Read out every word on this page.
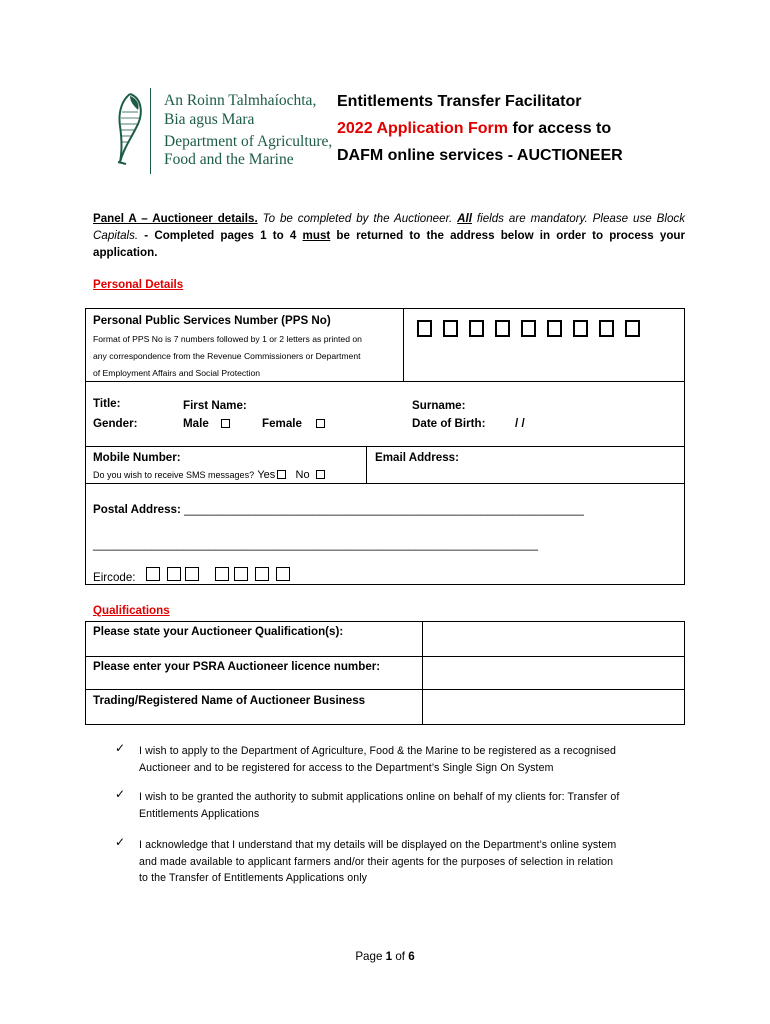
An Roinn Talmhaíochta,
Bia agus Mara
Department of Agriculture,
Food and the Marine
Entitlements Transfer Facilitator
2022 Application Form for access to
DAFM online services - AUCTIONEER
Panel A – Auctioneer details. To be completed by the Auctioneer. All fields are mandatory. Please use Block Capitals. - Completed pages 1 to 4 must be returned to the address below in order to process your application.
Personal Details
Personal Public Services Number (PPS No)
Format of PPS No is 7 numbers followed by 1 or 2 letters as printed on
any correspondence from the Revenue Commissioners or Department
of Employment Affairs and Social Protection
Title:	First Name:	Surname:
Gender:	Male	Female	Date of Birth:	/ /
Mobile Number:
Do you wish to receive SMS messages? Yes No
Email Address:
Postal Address: ______________________________________________________________
_____________________________________________________________________
Eircode:
Qualifications
Please state your Auctioneer Qualification(s):
Please enter your PSRA Auctioneer licence number:
Trading/Registered Name of Auctioneer Business
✓ I wish to apply to the Department of Agriculture, Food & the Marine to be registered as a recognised
Auctioneer and to be registered for access to the Department’s Single Sign On System
✓ I wish to be granted the authority to submit applications online on behalf of my clients for: Transfer of
Entitlements Applications
✓ I acknowledge that I understand that my details will be displayed on the Department’s online system
and made available to applicant farmers and/or their agents for the purposes of selection in relation
to the Transfer of Entitlements Applications only
Page 1 of 6
